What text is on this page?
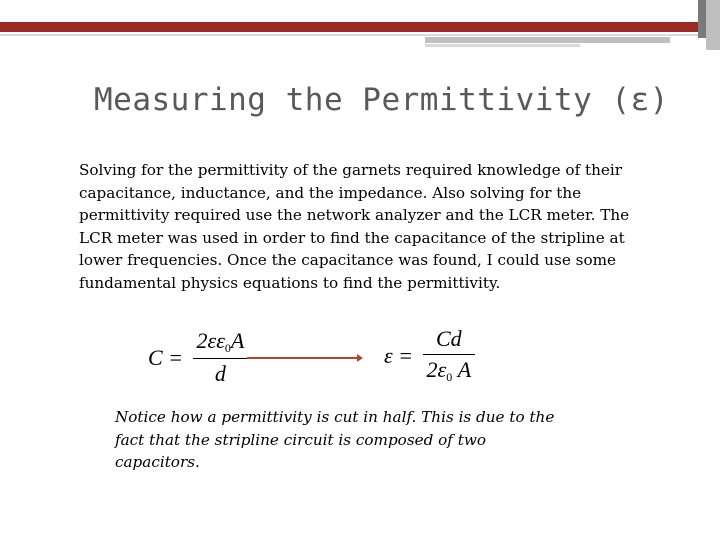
Measuring the Permittivity (ε)
Solving for the permittivity of the garnets required knowledge of their capacitance, inductance, and the impedance. Also solving for the permittivity required use the network analyzer and the LCR meter. The LCR meter was used in order to find the capacitance of the stripline at lower frequencies. Once the capacitance was found, I could use some fundamental physics equations to find the permittivity.
$C = \frac{2\varepsilon\varepsilon_0A}{d}$	$\varepsilon = \frac{Cd}{2\varepsilon_0 A}$
Notice how a permittivity is cut in half. This is due to the fact that the stripline circuit is composed of two capacitors.
